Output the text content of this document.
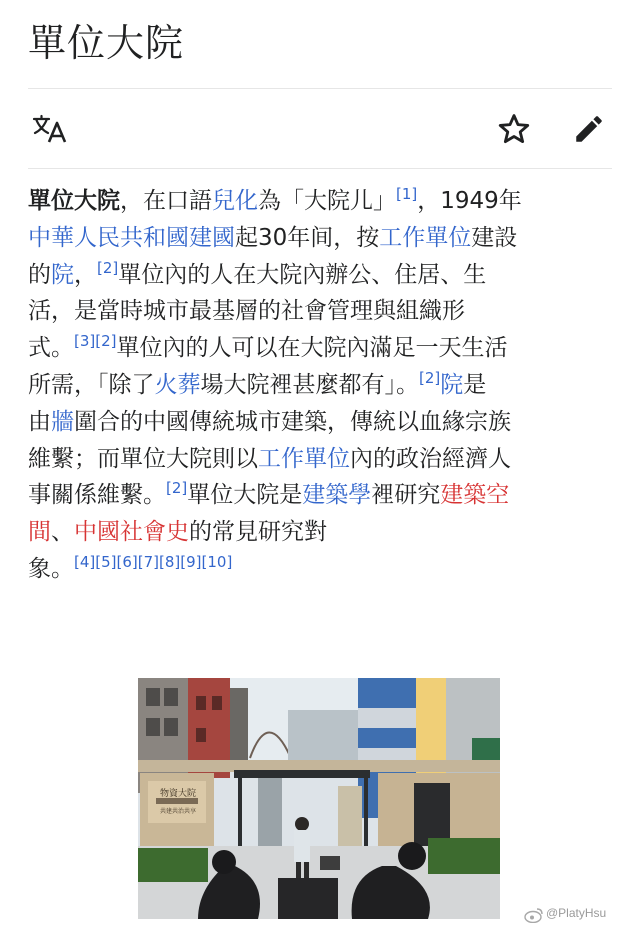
單位大院
單位大院，在口語兒化為「大院儿」[1]，1949年
中華人民共和國建國起30年间，按工作單位建設
的院，[2]單位內的人在大院內辦公、住居、生
活，是當時城市最基層的社會管理與組織形
式。[3][2]單位內的人可以在大院內滿足一天生活
所需，「除了火葬場大院裡甚麼都有」。[2]院是
由牆圍合的中國傳統城市建築，傳統以血緣宗族
維繫；而單位大院則以工作單位內的政治經濟人
事關係維繫。[2]單位大院是建築學裡研究建築空
間、中國社會史的常見研究對
象。[4][5][6][7][8][9][10]
物資大院
共建共治共享
@PlatyHsu
